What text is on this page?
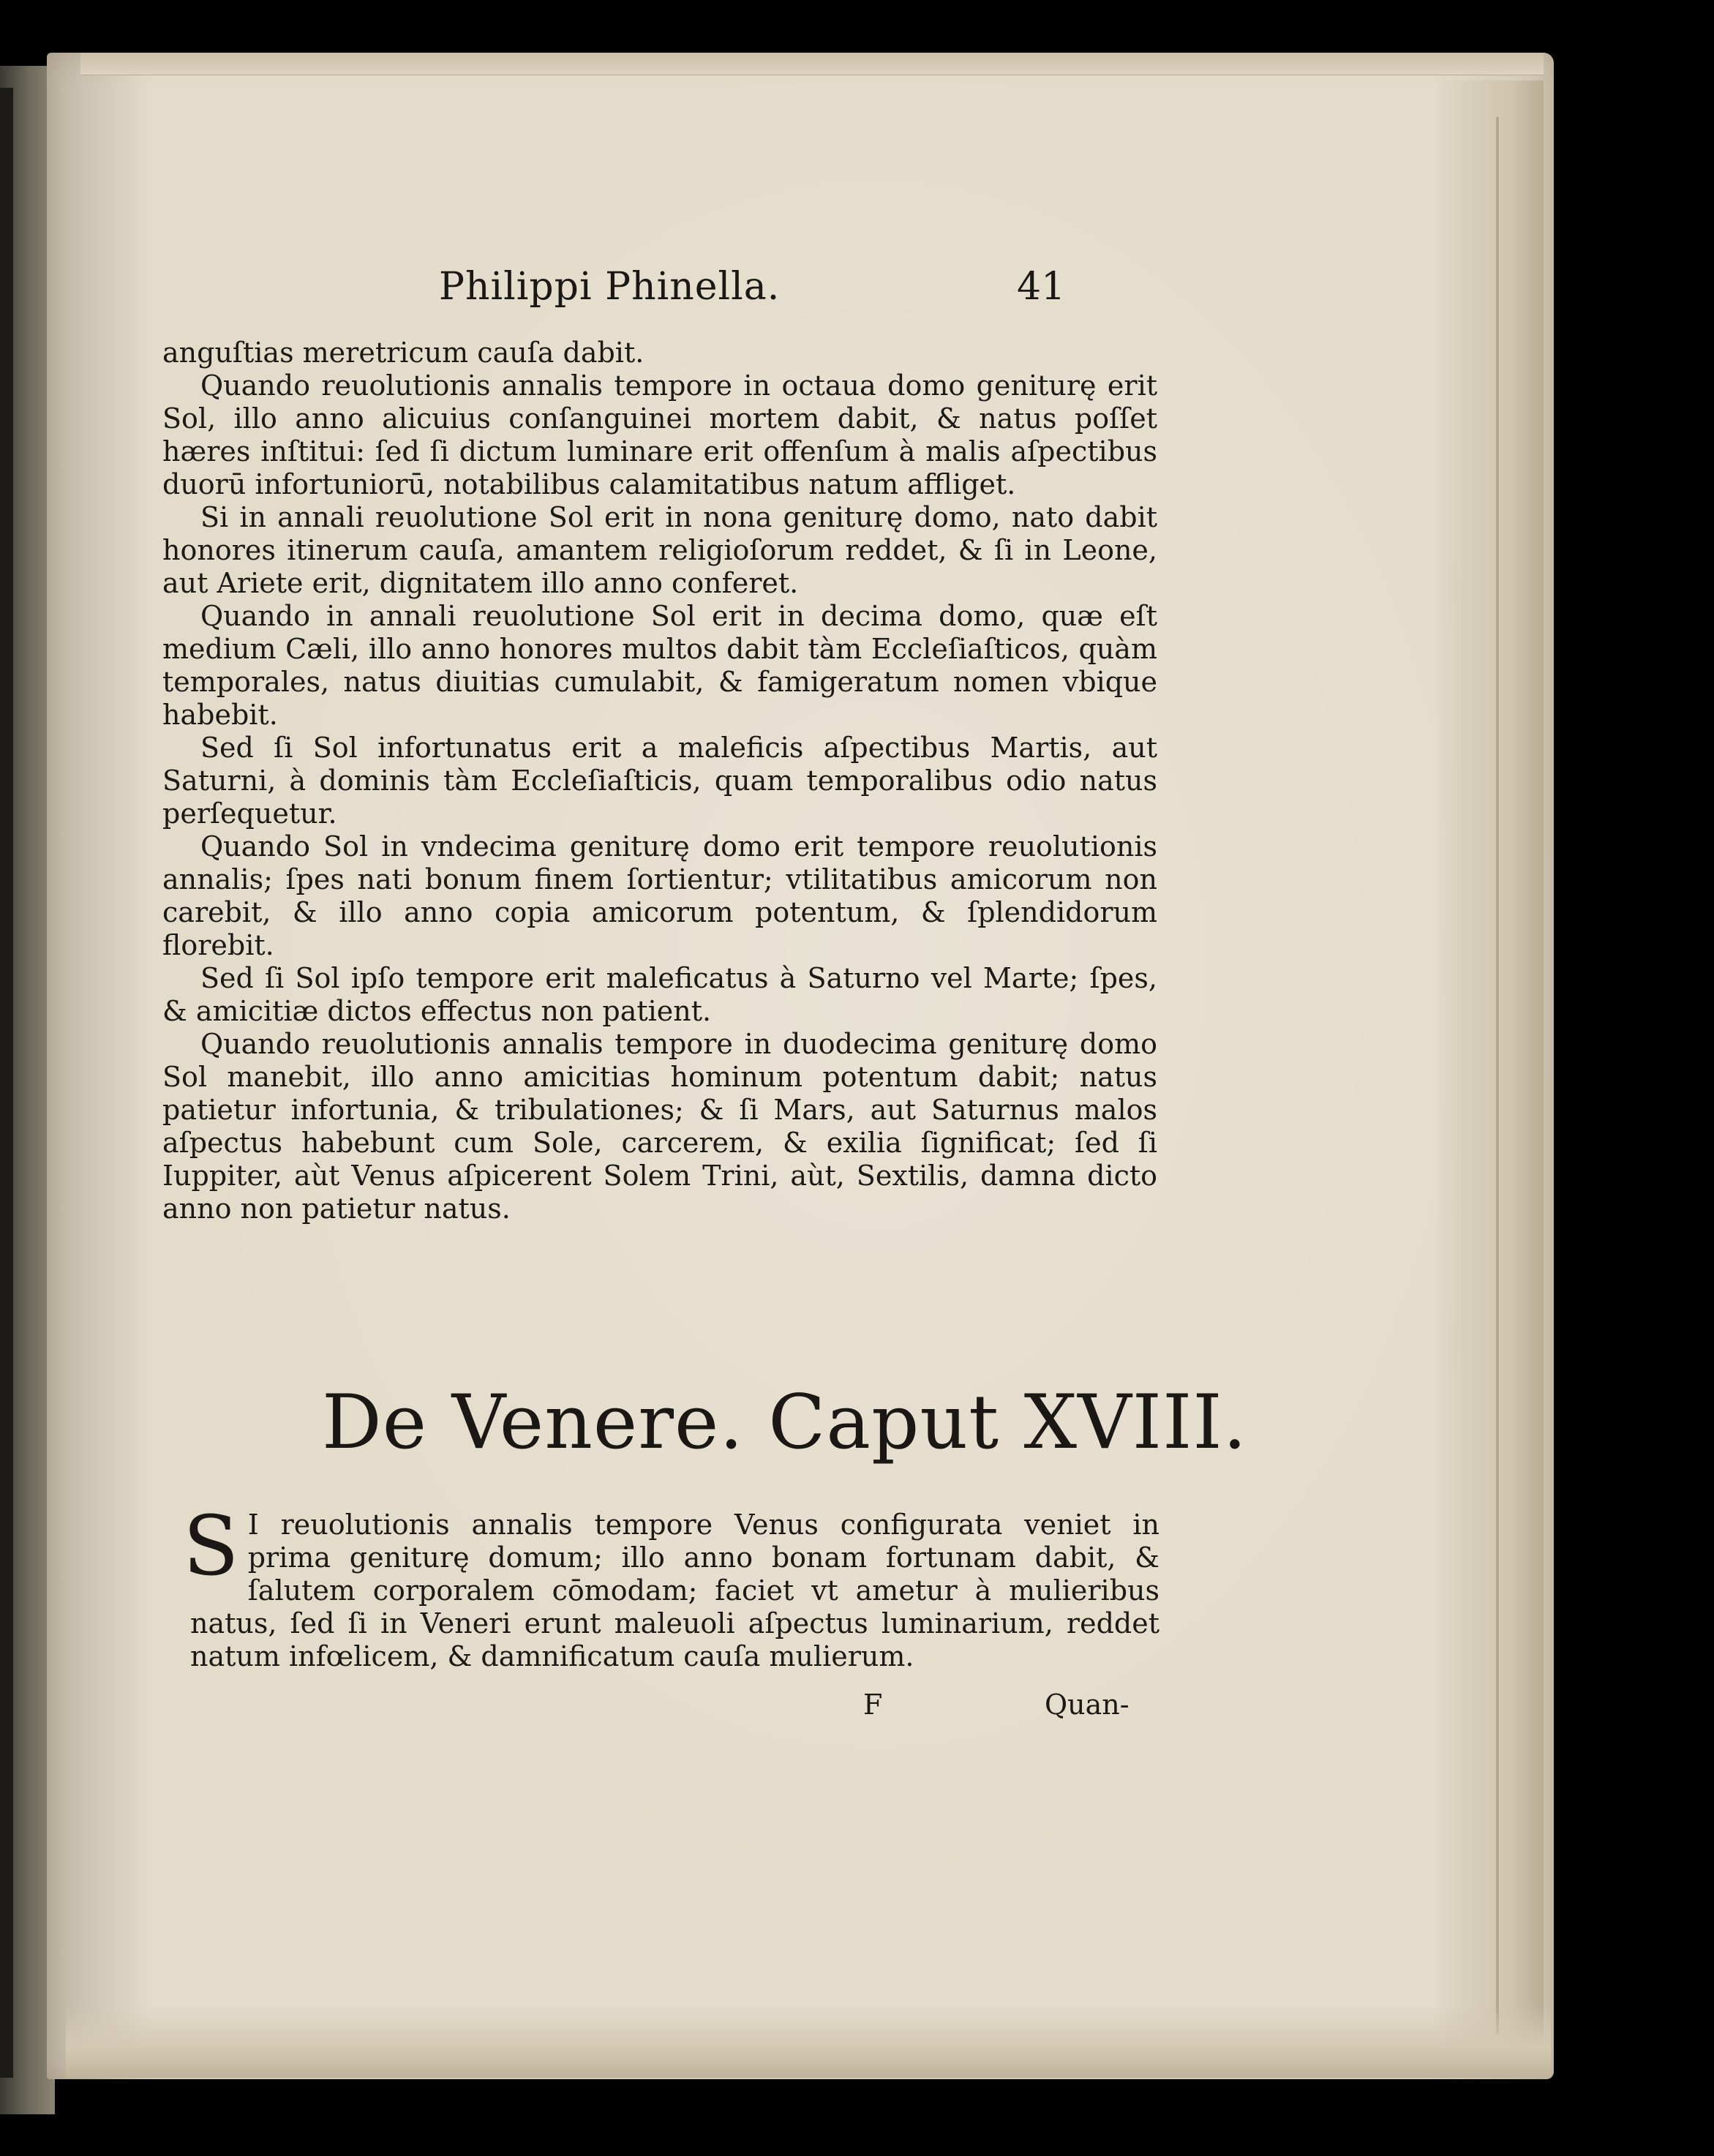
Philippi Phinella.	41

anguſtias meretricum cauſa dabit.

Quando reuolutionis annalis tempore in octaua domo geniturę erit Sol, illo anno alicuius conſanguinei mortem dabit, & natus poſſet hæres inſtitui: ſed ſi dictum luminare erit offenſum à malis aſpectibus duorū infortuniorū, notabilibus calamitatibus natum affliget.

Si in annali reuolutione Sol erit in nona geniturę domo, nato dabit honores itinerum cauſa, amantem religioſorum reddet, & ſi in Leone, aut Ariete erit, dignitatem illo anno conferet.

Quando in annali reuolutione Sol erit in decima domo, quæ eſt medium Cæli, illo anno honores multos dabit tàm Eccleſiaſticos, quàm temporales, natus diuitias cumulabit, & famigeratum nomen vbique habebit.

Sed ſi Sol infortunatus erit a maleficis aſpectibus Martis, aut Saturni, à dominis tàm Eccleſiaſticis, quam temporalibus odio natus perſequetur.

Quando Sol in vndecima geniturę domo erit tempore reuolutionis annalis; ſpes nati bonum finem ſortientur; vtilitatibus amicorum non carebit, & illo anno copia amicorum potentum, & ſplendidorum florebit.

Sed ſi Sol ipſo tempore erit maleficatus à Saturno vel Marte; ſpes, & amicitiæ dictos effectus non patient.

Quando reuolutionis annalis tempore in duodecima geniturę domo Sol manebit, illo anno amicitias hominum potentum dabit; natus patietur infortunia, & tribulationes; & ſi Mars, aut Saturnus malos aſpectus habebunt cum Sole, carcerem, & exilia ſignificat; ſed ſi Iuppiter, aùt Venus aſpicerent Solem Trini, aùt, Sextilis, damna dicto anno non patietur natus.

De Venere. Caput XVIII.
S I reuolutionis annalis tempore Venus configurata veniet in prima geniturę domum; illo anno bonam fortunam dabit, & ſalutem corporalem cōmodam; faciet vt ametur à mulieribus natus, ſed ſi in Veneri erunt maleuoli aſpectus luminarium, reddet natum infœlicem, & damnificatum cauſa mulierum.
F	Quan-
